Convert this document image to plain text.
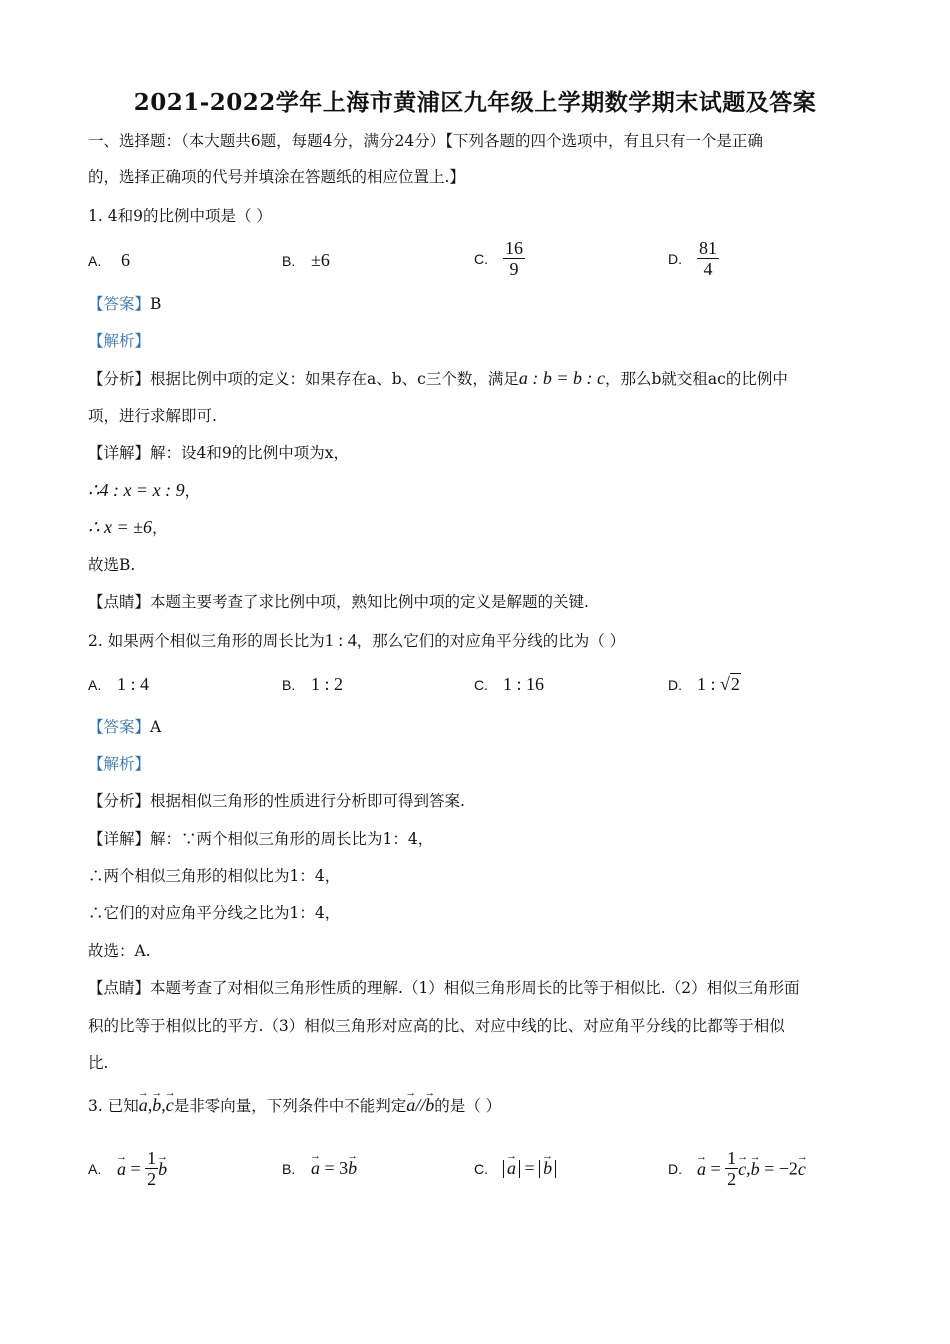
2021-2022学年上海市黄浦区九年级上学期数学期末试题及答案
一、选择题：（本大题共6题，每题4分，满分24分）【下列各题的四个选项中，有且只有一个是正确
的，选择正确项的代号并填涂在答题纸的相应位置上.】
1. 4和9的比例中项是（ ）
A. 6	B. ±6	C. $\frac{16}{9}$	D. $\frac{81}{4}$
【答案】B
【解析】
【分析】根据比例中项的定义：如果存在a、b、c三个数，满足a : b = b : c，那么b就交租ac的比例中
项，进行求解即可.
【详解】解：设4和9的比例中项为x，
∴4 : x = x : 9，
∴ x = ±6，
故选B.
【点睛】本题主要考查了求比例中项，熟知比例中项的定义是解题的关键.
2. 如果两个相似三角形的周长比为1 : 4，那么它们的对应角平分线的比为（ ）
A. 1 : 4	B. 1 : 2	C. 1 : 16	D. 1 : √2
【答案】A
【解析】
【分析】根据相似三角形的性质进行分析即可得到答案.
【详解】解：∵两个相似三角形的周长比为1：4，
∴两个相似三角形的相似比为1：4，
∴它们的对应角平分线之比为1：4，
故选：A.
【点睛】本题考查了对相似三角形性质的理解.（1）相似三角形周长的比等于相似比.（2）相似三角形面
积的比等于相似比的平方.（3）相似三角形对应高的比、对应中线的比、对应角平分线的比都等于相似
比.
3. 已知→ a,→ b,→ c是非零向量，下列条件中不能判定→ a//→ b的是（ ）
A. → $a = \frac{1}{2}$
→ b	B. → a = 3→ b	C. → a = → b	D. → $a = \frac{1}{2}$
→ c,→ b = −2→ c
